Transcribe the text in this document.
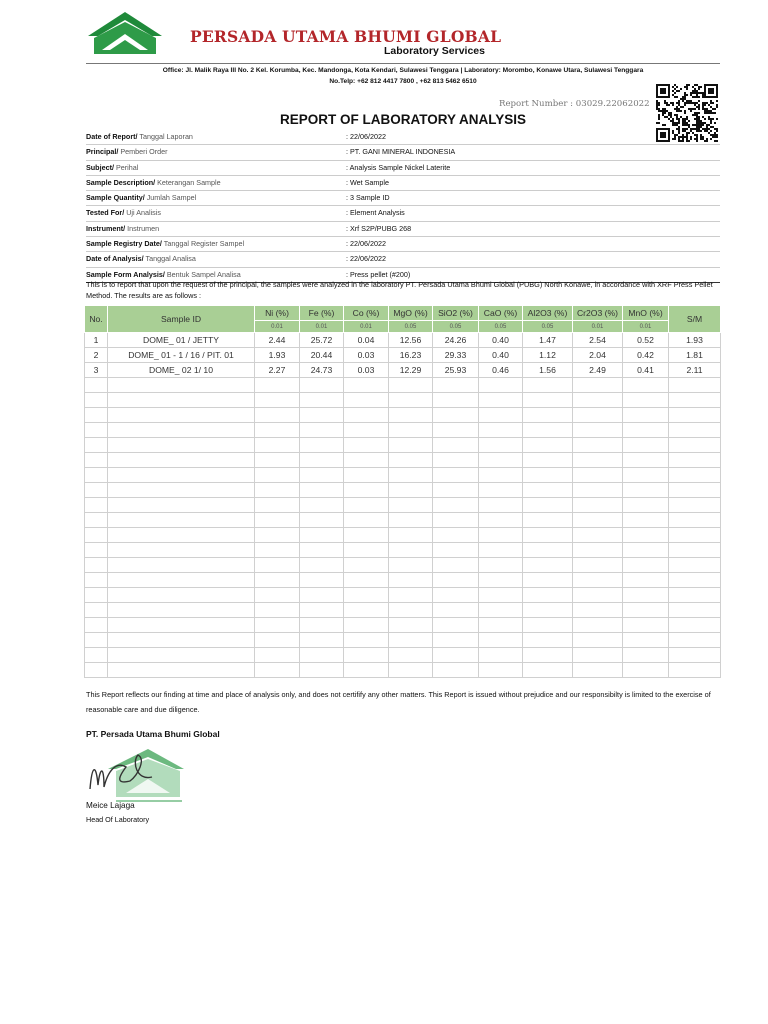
PERSADA UTAMA BHUMI GLOBAL
Laboratory Services
Office: Jl. Malik Raya III No. 2 Kel. Korumba, Kec. Mandonga, Kota Kendari, Sulawesi Tenggara | Laboratory: Morombo, Konawe Utara, Sulawesi Tenggara
No.Telp: +62 812 4417 7800 , +62 813 5462 6510
Report Number : 03029.22062022
REPORT OF LABORATORY ANALYSIS
Date of Report/ Tanggal Laporan	: 22/06/2022
Principal/ Pemberi Order	: PT. GANI MINERAL INDONESIA
Subject/ Perihal	: Analysis Sample Nickel Laterite
Sample Description/ Keterangan Sample	: Wet Sample
Sample Quantity/ Jumlah Sampel	: 3 Sample ID
Tested For/ Uji Analisis	: Element Analysis
Instrument/ Instrumen	: Xrf S2P/PUBG 268
Sample Registry Date/ Tanggal Register Sampel	: 22/06/2022
Date of Analysis/ Tanggal Analisa	: 22/06/2022
Sample Form Analysis/ Bentuk Sampel Analisa	: Press pellet (#200)
This is to report that upon the request of the principal, the samples were analyzed in the laboratory PT. Persada Utama Bhumi Global (PUBG) North Konawe, in accordance with XRF Press Pellet Method. The results are as follows :
No.	Sample ID	Ni (%)	Fe (%)	Co (%)	MgO (%)	SiO2 (%)	CaO (%)	Al2O3 (%)	Cr2O3 (%)	MnO (%)	S/M
		0.01	0.01	0.01	0.05	0.05	0.05	0.05	0.01	0.01	
1	DOME_ 01 / JETTY	2.44	25.72	0.04	12.56	24.26	0.40	1.47	2.54	0.52	1.93
2	DOME_ 01 - 1 / 16 / PIT. 01	1.93	20.44	0.03	16.23	29.33	0.40	1.12	2.04	0.42	1.81
3	DOME_ 02 1/ 10	2.27	24.73	0.03	12.29	25.93	0.46	1.56	2.49	0.41	2.11

This Report reflects our finding at time and place of analysis only, and does not certifify any other matters. This Report is issued without prejudice and our responsibilty is limited to the exercise of reasonable care and due diligence.
PT. Persada Utama Bhumi Global
Meice Lajaga
Head Of Laboratory
